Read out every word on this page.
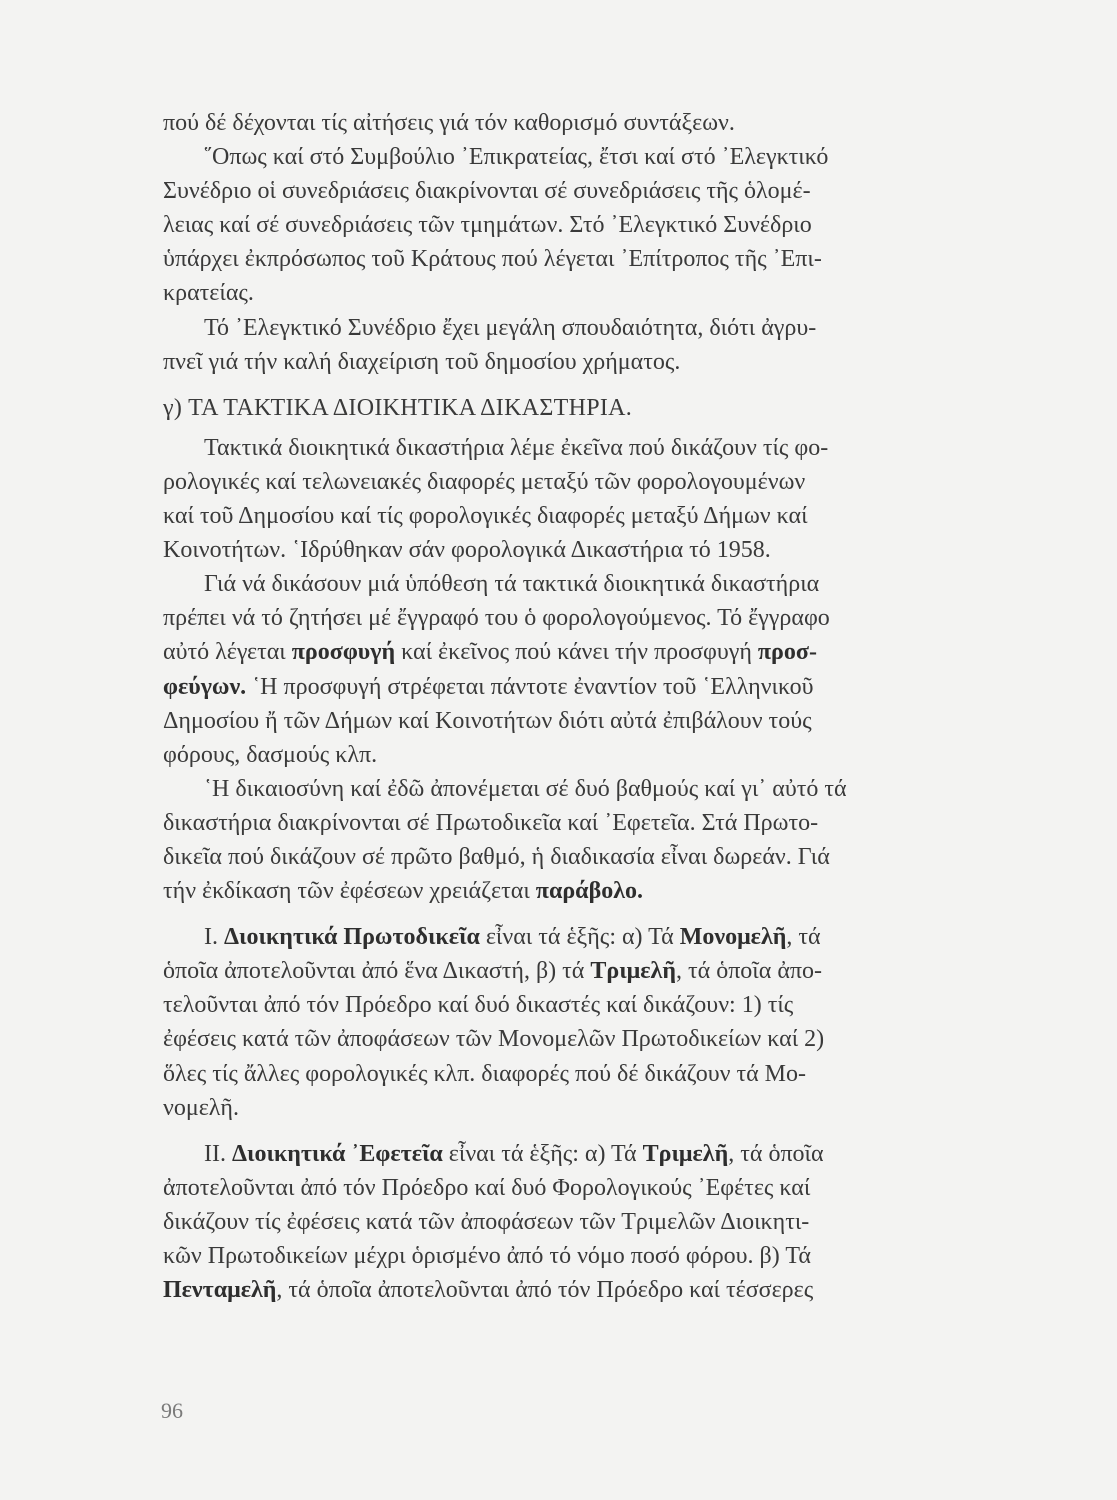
πού δέ δέχονται τίς αἰτήσεις γιά τόν καθορισμό συντάξεων.
῞Οπως καί στό Συμβούλιο ᾿Επικρατείας, ἔτσι καί στό ᾿Ελεγκτικό
Συνέδριο οἱ συνεδριάσεις διακρίνονται σέ συνεδριάσεις τῆς ὁλομέ-
λειας καί σέ συνεδριάσεις τῶν τμημάτων. Στό ᾿Ελεγκτικό Συνέδριο
ὑπάρχει ἐκπρόσωπος τοῦ Κράτους πού λέγεται ᾿Επίτροπος τῆς ᾿Επι-
κρατείας.
Τό ᾿Ελεγκτικό Συνέδριο ἔχει μεγάλη σπουδαιότητα, διότι ἀγρυ-
πνεῖ γιά τήν καλή διαχείριση τοῦ δημοσίου χρήματος.
γ) ΤΑ ΤΑΚΤΙΚΑ ΔΙΟΙΚΗΤΙΚΑ ΔΙΚΑΣΤΗΡΙΑ.
Τακτικά διοικητικά δικαστήρια λέμε ἐκεῖνα πού δικάζουν τίς φο-
ρολογικές καί τελωνειακές διαφορές μεταξύ τῶν φορολογουμένων
καί τοῦ Δημοσίου καί τίς φορολογικές διαφορές μεταξύ Δήμων καί
Κοινοτήτων. ῾Ιδρύθηκαν σάν φορολογικά Δικαστήρια τό 1958.
Γιά νά δικάσουν μιά ὑπόθεση τά τακτικά διοικητικά δικαστήρια
πρέπει νά τό ζητήσει μέ ἔγγραφό του ὁ φορολογούμενος. Τό ἔγγραφο
αὐτό λέγεται προσφυγή καί ἐκεῖνος πού κάνει τήν προσφυγή προσ-
φεύγων. ῾Η προσφυγή στρέφεται πάντοτε ἐναντίον τοῦ ῾Ελληνικοῦ
Δημοσίου ἤ τῶν Δήμων καί Κοινοτήτων διότι αὐτά ἐπιβάλουν τούς
φόρους, δασμούς κλπ.
῾Η δικαιοσύνη καί ἐδῶ ἀπονέμεται σέ δυό βαθμούς καί γι᾿ αὐτό τά
δικαστήρια διακρίνονται σέ Πρωτοδικεῖα καί ᾿Εφετεῖα. Στά Πρωτο-
δικεῖα πού δικάζουν σέ πρῶτο βαθμό, ἡ διαδικασία εἶναι δωρεάν. Γιά
τήν ἐκδίκαση τῶν ἐφέσεων χρειάζεται παράβολο.
Ι. Διοικητικά Πρωτοδικεῖα εἶναι τά ἑξῆς: α) Τά Μονομελῆ, τά
ὁποῖα ἀποτελοῦνται ἀπό ἕνα Δικαστή, β) τά Τριμελῆ, τά ὁποῖα ἀπο-
τελοῦνται ἀπό τόν Πρόεδρο καί δυό δικαστές καί δικάζουν: 1) τίς
ἐφέσεις κατά τῶν ἀποφάσεων τῶν Μονομελῶν Πρωτοδικείων καί 2)
ὅλες τίς ἄλλες φορολογικές κλπ. διαφορές πού δέ δικάζουν τά Μο-
νομελῆ.
ΙΙ. Διοικητικά ᾿Εφετεῖα εἶναι τά ἑξῆς: α) Τά Τριμελῆ, τά ὁποῖα
ἀποτελοῦνται ἀπό τόν Πρόεδρο καί δυό Φορολογικούς ᾿Εφέτες καί
δικάζουν τίς ἐφέσεις κατά τῶν ἀποφάσεων τῶν Τριμελῶν Διοικητι-
κῶν Πρωτοδικείων μέχρι ὁρισμένο ἀπό τό νόμο ποσό φόρου. β) Τά
Πενταμελῆ, τά ὁποῖα ἀποτελοῦνται ἀπό τόν Πρόεδρο καί τέσσερες
96
